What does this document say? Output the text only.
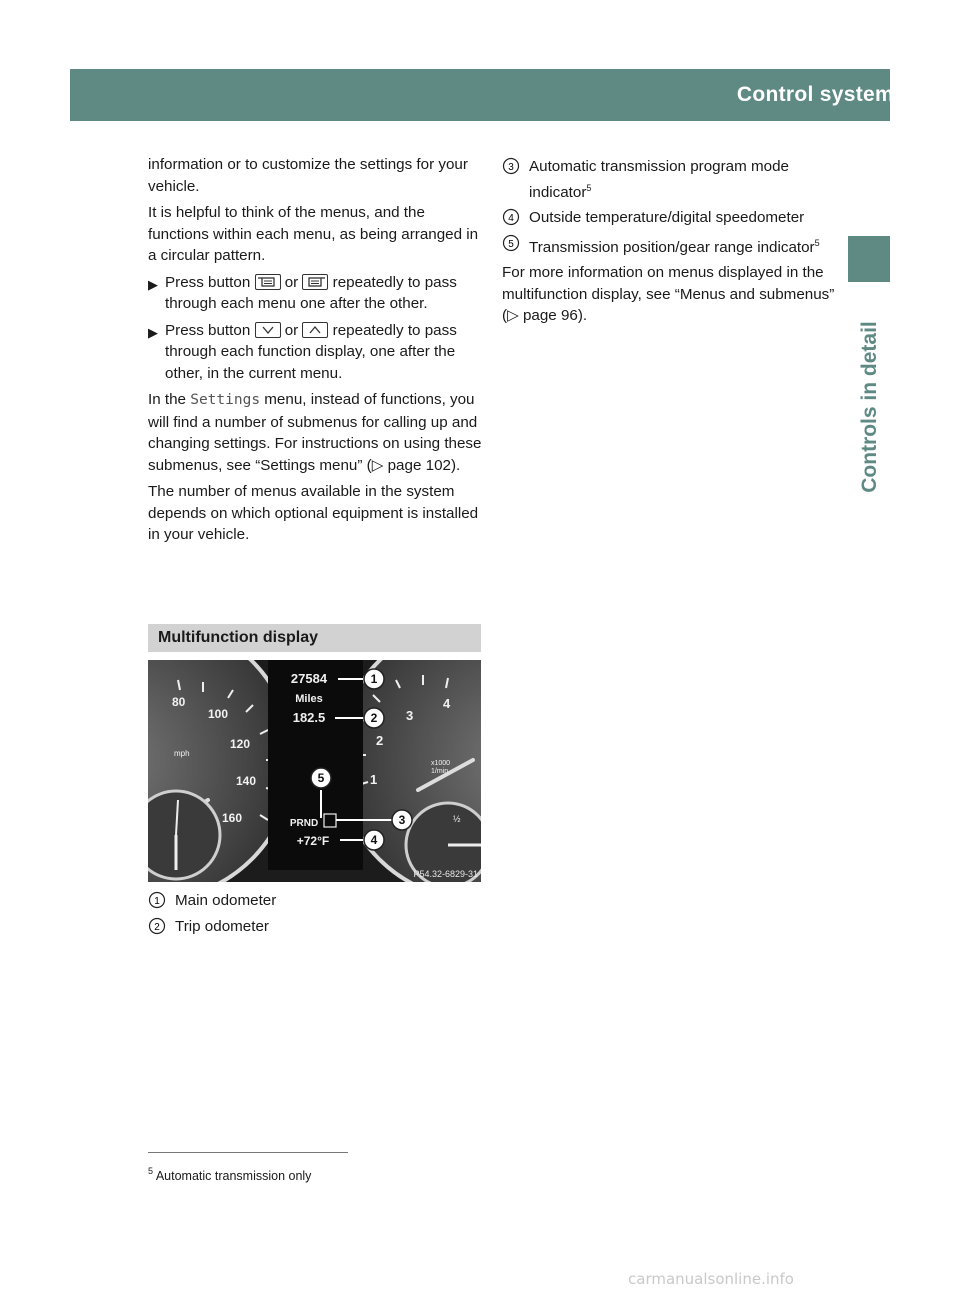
Control system	95
Controls in detail

information or to customize the settings for your vehicle.

It is helpful to think of the menus, and the functions within each menu, as being arranged in a circular pattern.

▶ Press button
or
repeatedly to pass through each menu one after the other.
▶ Press button
or
repeatedly to pass through each function display, one after the other, in the current menu.

In the Settings menu, instead of functions, you will find a number of submenus for calling up and changing settings. For instructions on using these submenus, see “Settings menu” (▷ page 102).

The number of menus available in the system depends on which optional equipment is installed in your vehicle.

Multifunction display
80
100
120
140
160
mph
3
4
2
1
x1000
1/min
½
27584
Miles
182.5
PRND
+72°F
1
2
3
4
5
P54.32-6829-31
1 Main odometer
2 Trip odometer
3 Automatic transmission program mode indicator$^5$
4 Outside temperature/digital speedometer
5 Transmission position/gear range indicator$^5$

For more information on menus displayed in the multifunction display, see “Menus and submenus” (▷ page 96).

$^5$ Automatic transmission only
carmanualsonline.info
